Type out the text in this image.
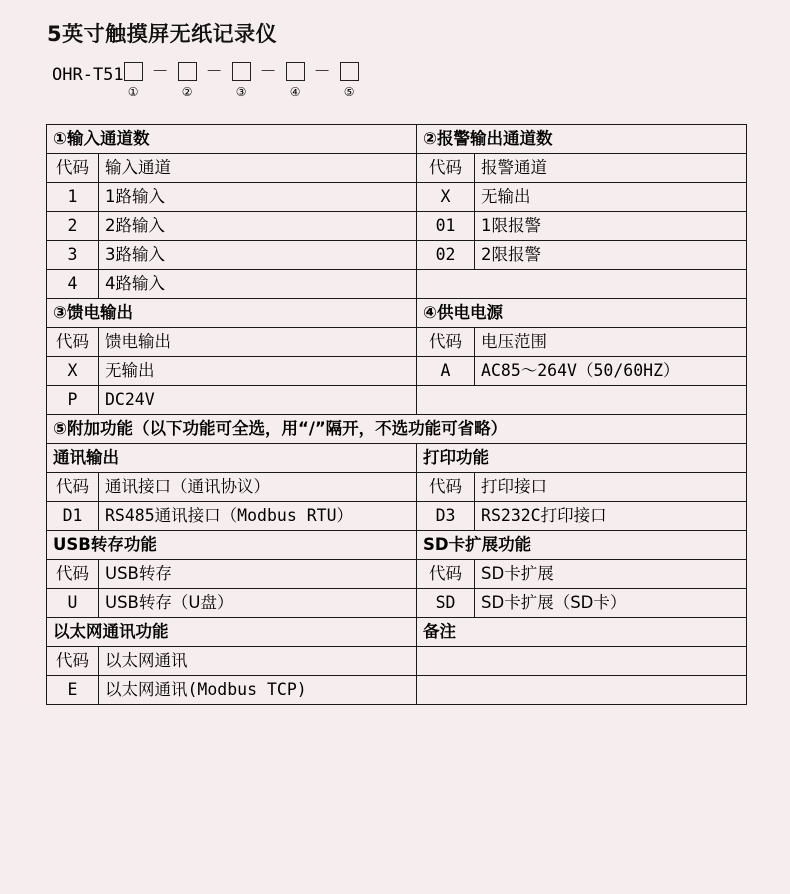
5英寸触摸屏无纸记录仪
OHR-T51
①
－
②
－
③
－
④
－
⑤
①输入通道数		②报警输出通道数	
代码	输入通道	代码	报警通道
1	1路输入	X	无输出
2	2路输入	01	1限报警
3	3路输入	02	2限报警
4	4路输入		
③馈电输出		④供电电源	
代码	馈电输出	代码	电压范围
X	无输出	A	AC85～264V（50/60HZ）
P	DC24V		
⑤附加功能（以下功能可全选，用“/”隔开，不选功能可省略）			
通讯输出		打印功能	
代码	通讯接口（通讯协议）	代码	打印接口
D1	RS485通讯接口（Modbus RTU）	D3	RS232C打印接口
USB转存功能		SD卡扩展功能	
代码	USB转存	代码	SD卡扩展
U	USB转存（U盘）	SD	SD卡扩展（SD卡）
以太网通讯功能		备注	
代码	以太网通讯		
E	以太网通讯(Modbus TCP)		
